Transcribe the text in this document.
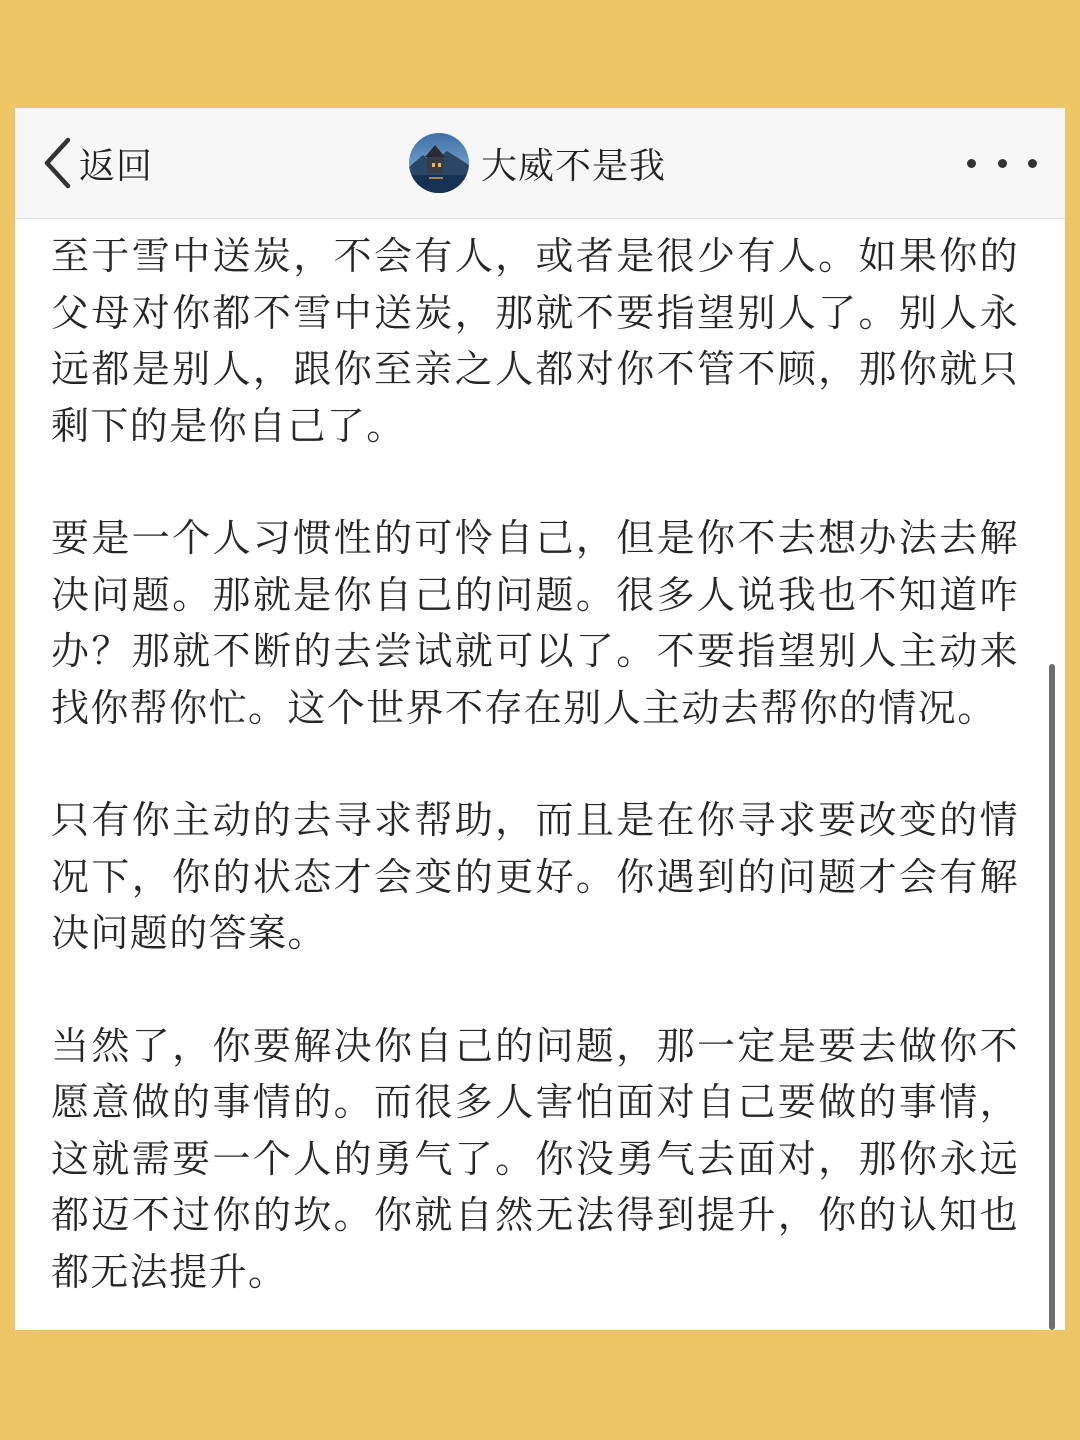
返回	大威不是我

至于雪中送炭，不会有人，或者是很少有人。如果你的父母对你都不雪中送炭，那就不要指望别人了。别人永远都是别人，跟你至亲之人都对你不管不顾，那你就只剩下的是你自己了。

要是一个人习惯性的可怜自己，但是你不去想办法去解决问题。那就是你自己的问题。很多人说我也不知道咋办？那就不断的去尝试就可以了。不要指望别人主动来找你帮你忙。这个世界不存在别人主动去帮你的情况。

只有你主动的去寻求帮助，而且是在你寻求要改变的情况下，你的状态才会变的更好。你遇到的问题才会有解决问题的答案。

当然了，你要解决你自己的问题，那一定是要去做你不愿意做的事情的。而很多人害怕面对自己要做的事情，这就需要一个人的勇气了。你没勇气去面对，那你永远都迈不过你的坎。你就自然无法得到提升，你的认知也都无法提升。
